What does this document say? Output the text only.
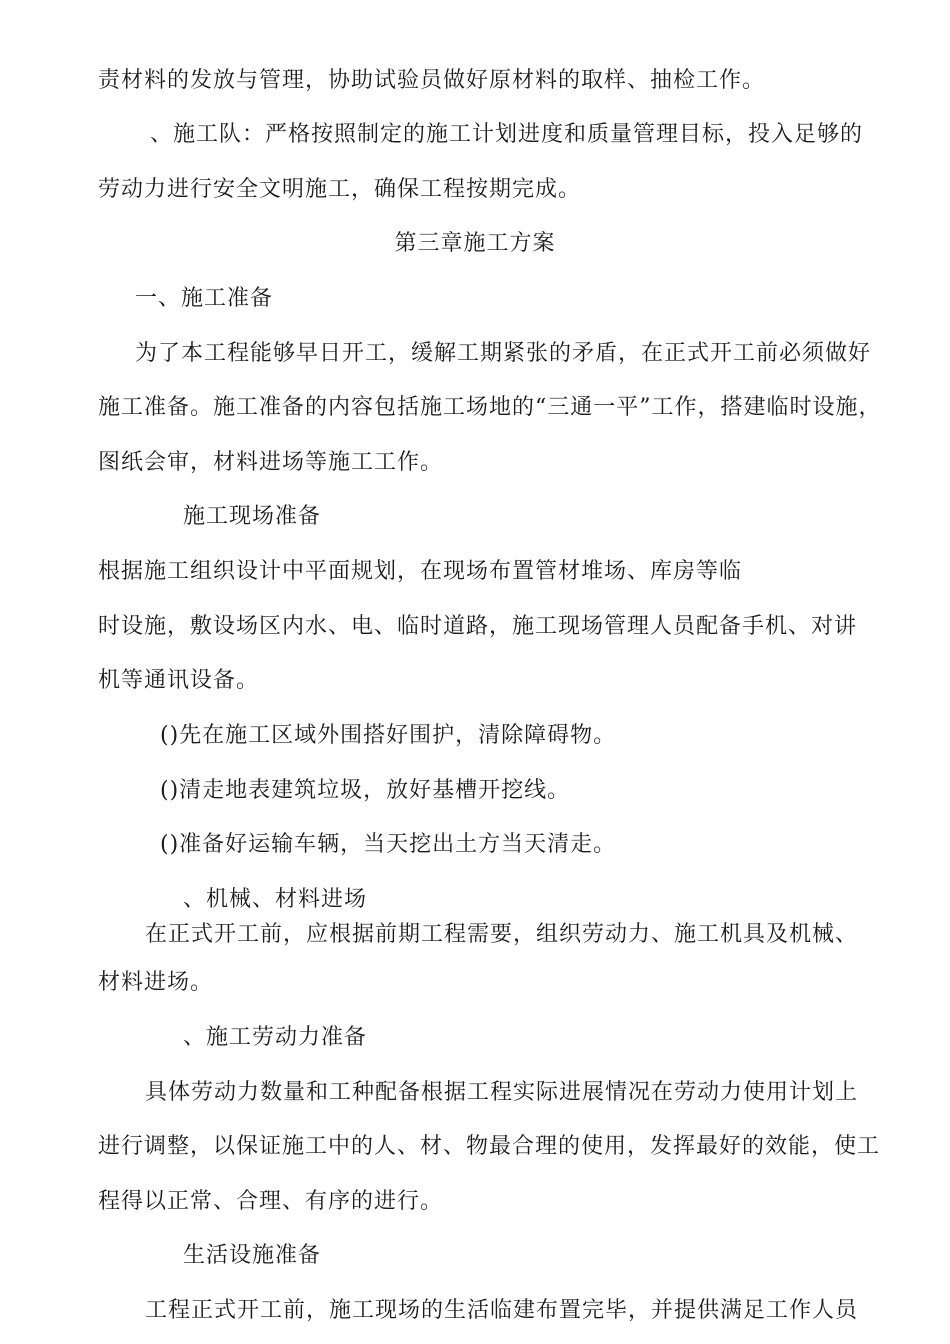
责材料的发放与管理，协助试验员做好原材料的取样、抽检工作。
、施工队：严格按照制定的施工计划进度和质量管理目标，投入足够的
劳动力进行安全文明施工，确保工程按期完成。
第三章施工方案
一、施工准备
为了本工程能够早日开工，缓解工期紧张的矛盾，在正式开工前必须做好
施工准备。施工准备的内容包括施工场地的“三通一平”工作，搭建临时设施，
图纸会审，材料进场等施工工作。
施工现场准备
根据施工组织设计中平面规划，在现场布置管材堆场、库房等临
时设施，敷设场区内水、电、临时道路，施工现场管理人员配备手机、对讲
机等通讯设备。
()先在施工区域外围搭好围护，清除障碍物。
()清走地表建筑垃圾，放好基槽开挖线。
()准备好运输车辆，当天挖出土方当天清走。
、机械、材料进场
在正式开工前，应根据前期工程需要，组织劳动力、施工机具及机械、
材料进场。
、施工劳动力准备
具体劳动力数量和工种配备根据工程实际进展情况在劳动力使用计划上
进行调整，以保证施工中的人、材、物最合理的使用，发挥最好的效能，使工
程得以正常、合理、有序的进行。
生活设施准备
工程正式开工前，施工现场的生活临建布置完毕，并提供满足工作人员
